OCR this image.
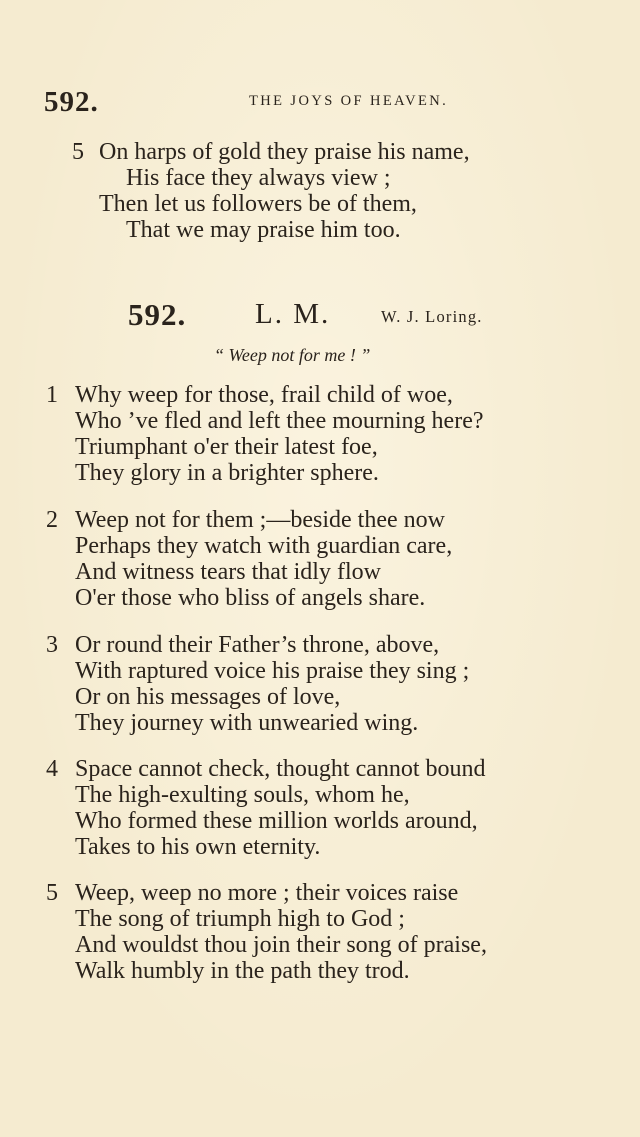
592.	THE JOYS OF HEAVEN.
5 On harps of gold they praise his name,
His face they always view ;
Then let us followers be of them,
That we may praise him too.
592. L. M.	W. J. Loring.
“ Weep not for me ! ”
1 Why weep for those, frail child of woe,
Who ’ve fled and left thee mourning here?
Triumphant o'er their latest foe,
They glory in a brighter sphere.
2 Weep not for them ;—beside thee now
Perhaps they watch with guardian care,
And witness tears that idly flow
O'er those who bliss of angels share.
3 Or round their Father’s throne, above,
With raptured voice his praise they sing ;
Or on his messages of love,
They journey with unwearied wing.
4 Space cannot check, thought cannot bound
The high-exulting souls, whom he,
Who formed these million worlds around,
Takes to his own eternity.
5 Weep, weep no more ; their voices raise
The song of triumph high to God ;
And wouldst thou join their song of praise,
Walk humbly in the path they trod.
